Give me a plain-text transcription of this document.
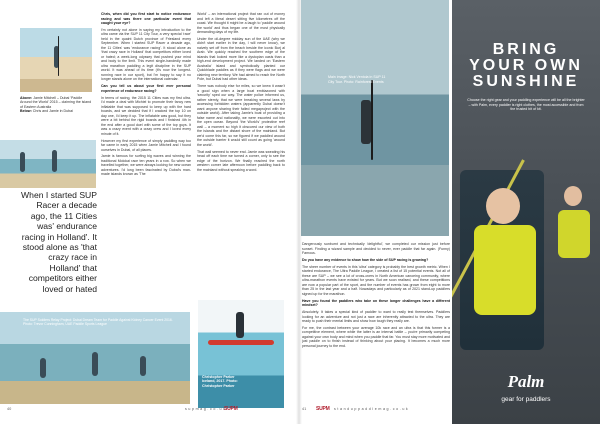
Above: Jamie Mitchell – Dubai 'Paddle Around the World' 2015 – claiming the island of Eastern Australia
Below: Chris and Jamie in Dubai
When I started SUP Racer a decade ago, the 11 Cities was' endurance racing in Holland'. It stood alone as 'that crazy race in Holland' that competitors either loved or hated
The SUP Soldiers Relay Project: Dubai Dream Team for Paddle Against Kidney Cancer Event 2016. Photo: Trevor Cunningham, UAE Paddle Sports League

Chris, when did you first start to notice endurance racing and was there one particular event that caught your eye?

I'm certainly not alone in saying my introduction to the ultra came via the SUP 11 City Tour, a very special 'race' held in the quaint Dutch province of Friesland every September. When I started SUP Racer a decade ago, the 11 Cities' was 'endurance racing'. It stood alone as 'that crazy race in Holland' that competitors either loved or hated; a week-long odyssey that pushed your mind and body to the limit. This event single-handedly made ultra marathon paddling a legit discipline in the SUP world. It was ahead of its time (it's now the longest-running race in our sport), but I'm happy to say it no longer stands alone on the international calendar.

Can you tell us about your first ever personal experience of endurance racing?

In terms of racing, the 2015 11 Cities was my first ultra. I'd made a deal with Michiel to promote their fancy new inflatable that was supposed to keep up with the hard boards, and we decided that if I cracked the top 10 on day one, I'd keep it up. The inflatable was good, but they were a bit behind the rigid boards and I finished 4th in the end after a good duel with some of the top guys. It was a crazy event with a crazy crew and I loved every minute of it.

However my first experience of simply paddling way too far came in early 2015 when Jamie Mitchell and I found ourselves in Dubai, of all places.

Jamie is famous for surfing big waves and winning the traditional Molokai race ten years in a row. So when we travelled together, we were always looking for new ocean adventures. I'd long been fascinated by Dubai's man-made islands known as 'The

World' – an international project that ran out of money and left a literal desert sitting five kilometres off the coast. We thought it might be a laugh to 'paddle around the world' and thus began one of the most physically demanding days of my life.

Under the oil-degree midday sun of the UAE (why we didn't start earlier in the day, I will never know), we naively set off from the beach beside the iconic Burj al Arab. We quickly reached the southern edge of the islands that looked more like a dystopian oasis than a high-end development project. We landed on 'Eastern Australia' island and symbolically planted our Quickblade paddles as if they were flags and we were claiming new territory. We had aimed to reach the North Pole, but Dubai had other ideas.

There was nobody else for miles, so we knew it wasn't a good sign when a large boat emblazoned with 'security' sped our way. The water police informed us, rather sternly, that we were breaking several laws by accessing forbidden waters (apparently Dubai doesn't want anyone sharing their failed megaproject with the outside world). After taking Jamie's boat of providing a false name and nationality, we were escorted out into the open ocean. Beyond 'the World's' protective reef wall – a moment so high it obscured our view of both the islands and the distant shore of the mainland. But we'd come this far, so we figured if we paddled around the outside barrier it would still count as going 'around the world'.

That wall seemed to never end. Jamie was sweating his head off each time we turned a corner, only to see the edge of the horizon. We finally reached the north western corner late afternoon before paddling back to the mainland without speaking a word.

Christopher Parker Iceland, 2017. Photo: Christopher Parker
40	s u p m a g . c o . u k
SUPM
Main image: Nick Ventola in SUP 11 City Tour. Photo: Rainforest Events

Dangerously sunburnt and technically 'delightful', we completed our mission just before sunset. Finding a wizard sample and decided to never, ever paddle that far again. (Funny) Famous.

Do you have any evidence to show how the side of SUP racing is growing?

The sheer number of events in this 'ultra' category is probably the best growth metric. When I started endurance, The Ultra Paddle League, I created a list of 15 potential events. Not all of these are SUP – we see a lot of cross-overs in North American canoeing community, where ultra-marathon events have existed for years. But we soon realised, and these competitions are now a popular part of the sport, and the number of events has grown from eight to more than 25 in the last year and a half. Nowadays and particularly as of 2021 stand-up paddlers signed up for the marathon.

Have you found the paddlers who take on these longer challenges have a different mindset?

Absolutely. It takes a special kind of paddler to want to really test themselves. Paddlers looking for an adventure and not just a race are inherently attracted to the ultra. They are ready to push their mental limits and show how tough they really are.

For me, the contrast between your average 10k race and an ultra is that this former is a competitive element, where while the latter is an internal battle – you're primarily competing against your own body and mind when you paddle that far. You must stay more motivated and just paddle on to finish instead of thinking about your placing. It becomes a much more personal journey to the end.

41	s t a n d u p p a d d l e m a g . c o . u k
SUPM
BRING
YOUR OWN
SUNSHINE
Choose the right gear and your paddling experience will be all the brighter – with Palm, every paddler is right clothes, the most accessible and from the trusted bit of kit.
Palm
gear for paddlers
